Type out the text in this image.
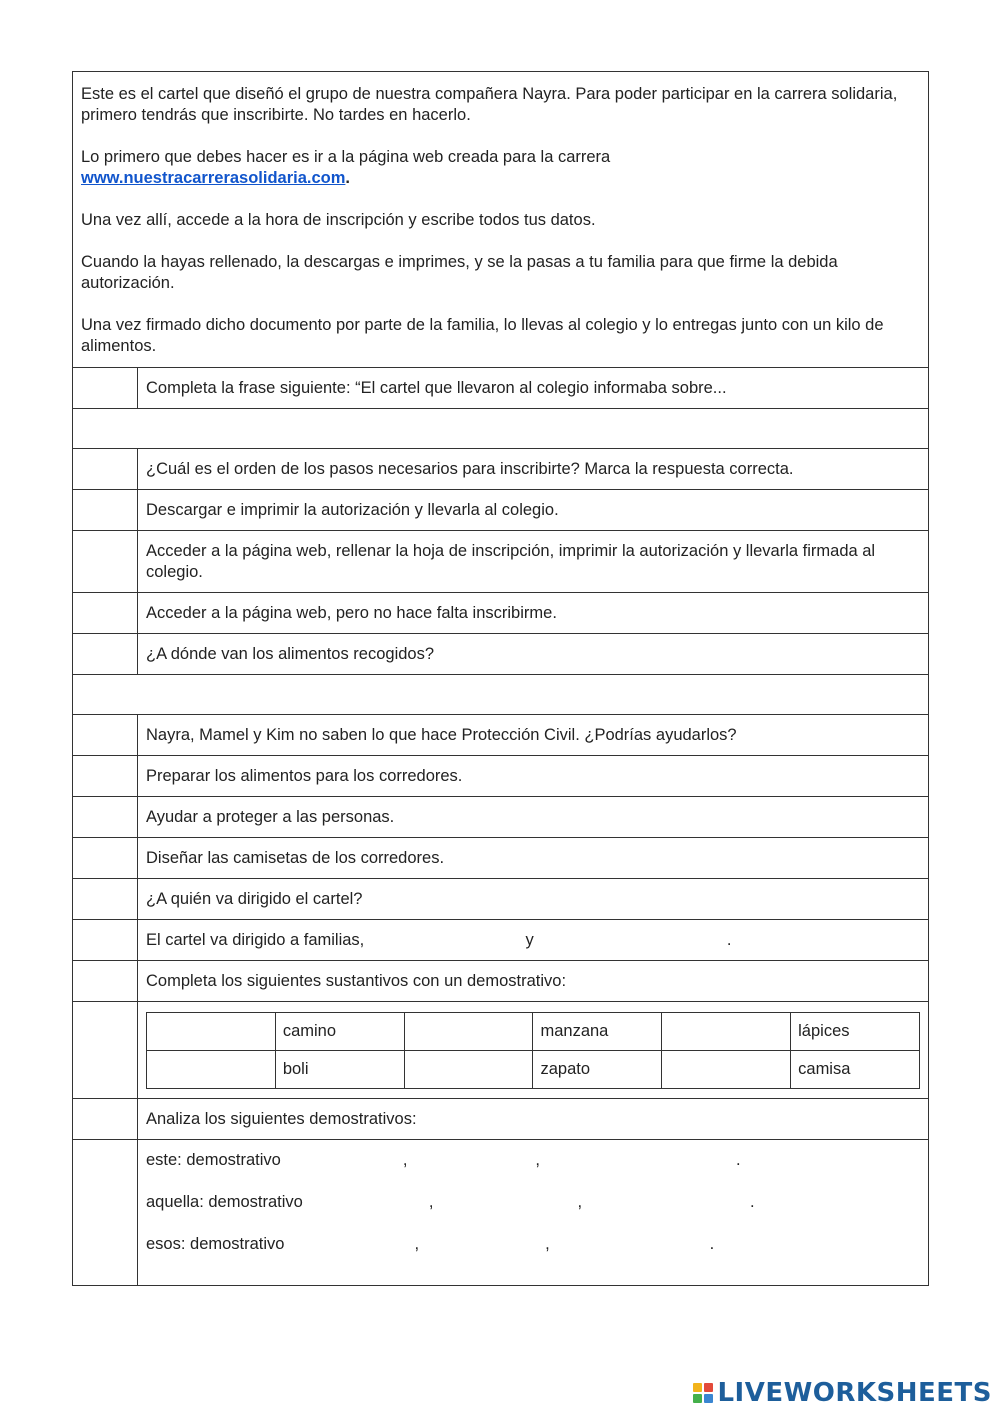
Este es el cartel que diseñó el grupo de nuestra compañera Nayra. Para poder participar en la carrera solidaria, primero tendrás que inscribirte. No tardes en hacerlo.

Lo primero que debes hacer es ir a la página web creada para la carrera
www.nuestracarrerasolidaria.com.

Una vez allí, accede a la hora de inscripción y escribe todos tus datos.

Cuando la hayas rellenado, la descargas e imprimes, y se la pasas a tu familia para que firme la debida autorización.

Una vez firmado dicho documento por parte de la familia, lo llevas al colegio y lo entregas junto con un kilo de alimentos.

Completa la frase siguiente: “El cartel que llevaron al colegio informaba sobre...
¿Cuál es el orden de los pasos necesarios para inscribirte? Marca la respuesta correcta.
Descargar e imprimir la autorización y llevarla al colegio.
Acceder a la página web, rellenar la hoja de inscripción, imprimir la autorización y llevarla firmada al colegio.
Acceder a la página web, pero no hace falta inscribirme.
¿A dónde van los alimentos recogidos?
Nayra, Mamel y Kim no saben lo que hace Protección Civil. ¿Podrías ayudarlos?
Preparar los alimentos para los corredores.
Ayudar a proteger a las personas.
Diseñar las camisetas de los corredores.
¿A quién va dirigido el cartel?
El cartel va dirigido a familias,	y	.
Completa los siguientes sustantivos con un demostrativo:
	camino		manzana		lápices
	boli		zapato		camisa
Analiza los siguientes demostrativos:
este: demostrativo	,	,	.
aquella: demostrativo	,	,	.
esos: demostrativo	,	,	.
LIVEWORKSHEETS
